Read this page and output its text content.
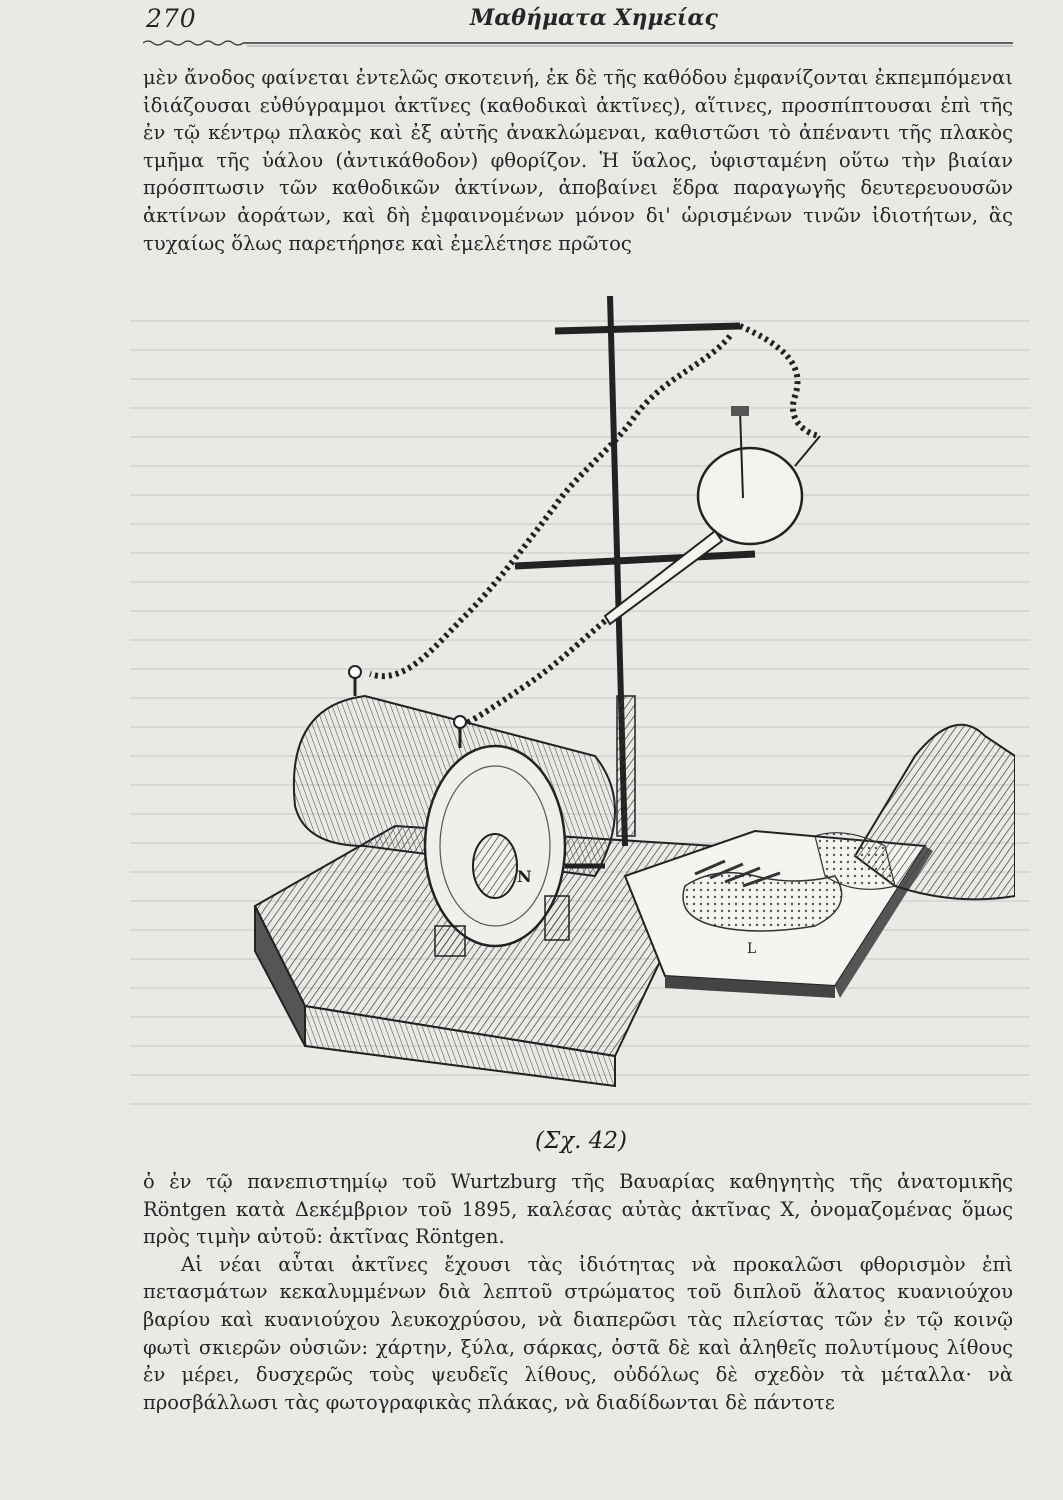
270	Μαθήματα Χημείας

μὲν ἄνοδος φαίνεται ἐντελῶς σκοτεινή, ἐκ δὲ τῆς καθόδου ἐμφανίζονται ἐκπεμπόμεναι ἰδιάζουσαι εὐθύγραμμοι ἀκτῖνες (καθοδικαὶ ἀκτῖνες), αἵτινες, προσπίπτουσαι ἐπὶ τῆς ἐν τῷ κέντρῳ πλακὸς καὶ ἐξ αὐτῆς ἀνακλώμεναι, καθιστῶσι τὸ ἀπέναντι τῆς πλακὸς τμῆμα τῆς ὑάλου (ἀντικάθοδον) φθορίζον. Ἡ ὕαλος, ὑφισταμένη οὕτω τὴν βιαίαν πρόσπτωσιν τῶν καθοδικῶν ἀκτίνων, ἀποβαίνει ἕδρα παραγωγῆς δευτερευουσῶν ἀκτίνων ἀοράτων, καὶ δὴ ἐμφαινομένων μόνον δι' ὡρισμένων τινῶν ἰδιοτήτων, ἃς τυχαίως ὅλως παρετήρησε καὶ ἐμελέτησε πρῶτος

N
L
(Σχ. 42)

ὁ ἐν τῷ πανεπιστημίῳ τοῦ Wurtzburg τῆς Βαυαρίας καθηγητὴς τῆς ἀνατομικῆς Röntgen κατὰ Δεκέμβριον τοῦ 1895, καλέσας αὐτὰς ἀκτῖνας X, ὀνομαζομένας ὅμως πρὸς τιμὴν αὐτοῦ: ἀκτῖνας Röntgen.

Αἱ νέαι αὗται ἀκτῖνες ἔχουσι τὰς ἰδιότητας νὰ προκαλῶσι φθορισμὸν ἐπὶ πετασμάτων κεκαλυμμένων διὰ λεπτοῦ στρώματος τοῦ διπλοῦ ἅλατος κυανιούχου βαρίου καὶ κυανιούχου λευκοχρύσου, νὰ διαπερῶσι τὰς πλείστας τῶν ἐν τῷ κοινῷ φωτὶ σκιερῶν οὐσιῶν: χάρτην, ξύλα, σάρκας, ὀστᾶ δὲ καὶ ἀληθεῖς πολυτίμους λίθους ἐν μέρει, δυσχερῶς τοὺς ψευδεῖς λίθους, οὐδόλως δὲ σχεδὸν τὰ μέταλλα· νὰ προσβάλλωσι τὰς φωτογραφικὰς πλάκας, νὰ διαδίδωνται δὲ πάντοτε
